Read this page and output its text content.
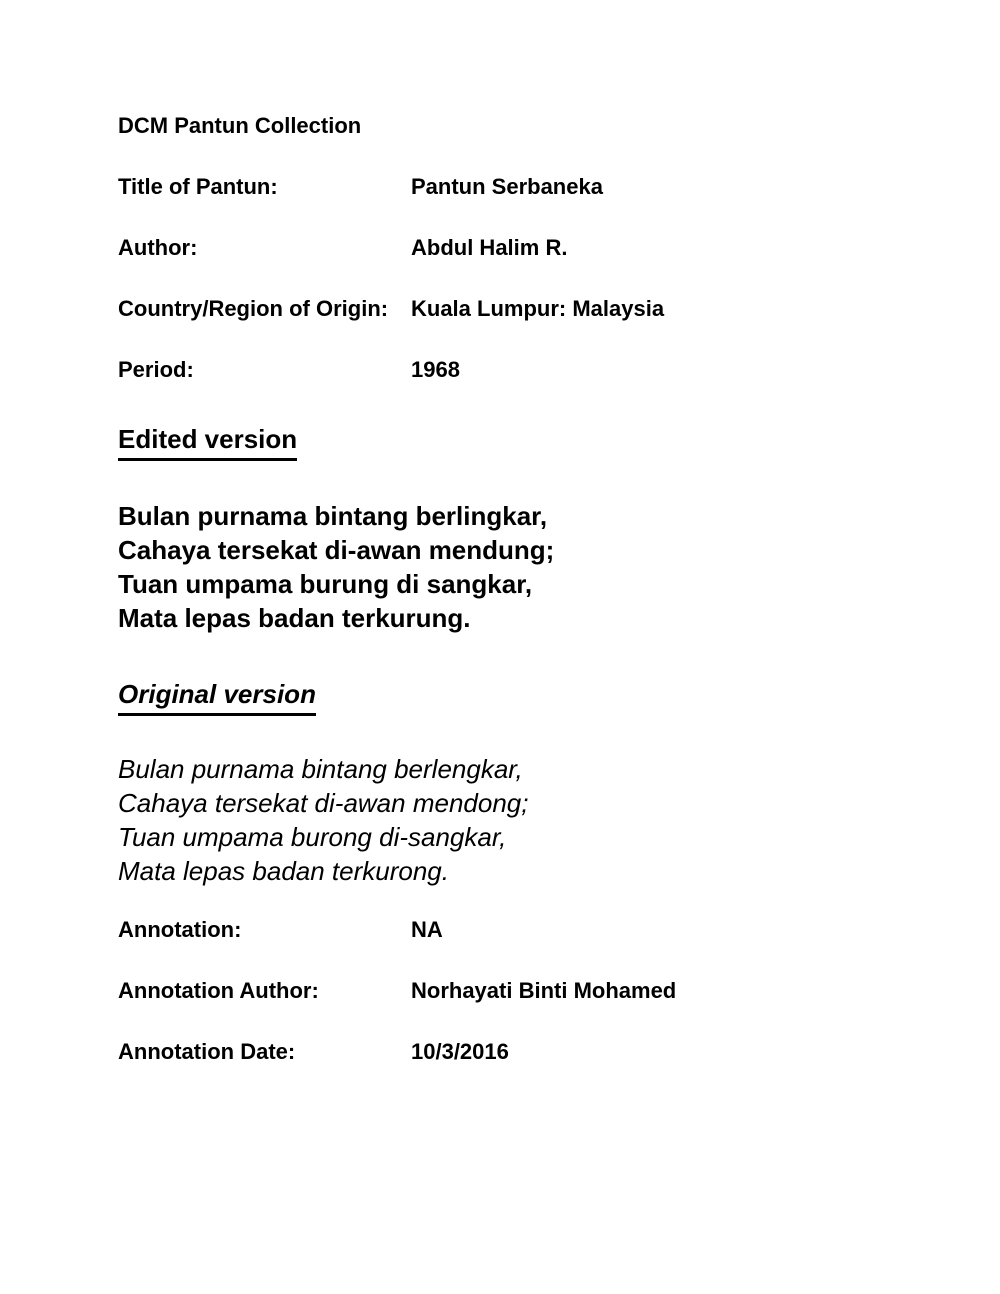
DCM Pantun Collection
Title of Pantun:	Pantun Serbaneka
Author:	Abdul Halim R.
Country/Region of Origin:	Kuala Lumpur: Malaysia
Period:	1968
Edited version
Bulan purnama bintang berlingkar,
Cahaya tersekat di-awan mendung;
Tuan umpama burung di sangkar,
Mata lepas badan terkurung.
Original version
Bulan purnama bintang berlengkar,
Cahaya tersekat di-awan mendong;
Tuan umpama burong di-sangkar,
Mata lepas badan terkurong.
Annotation:	NA
Annotation Author:	Norhayati Binti Mohamed
Annotation Date:	10/3/2016
